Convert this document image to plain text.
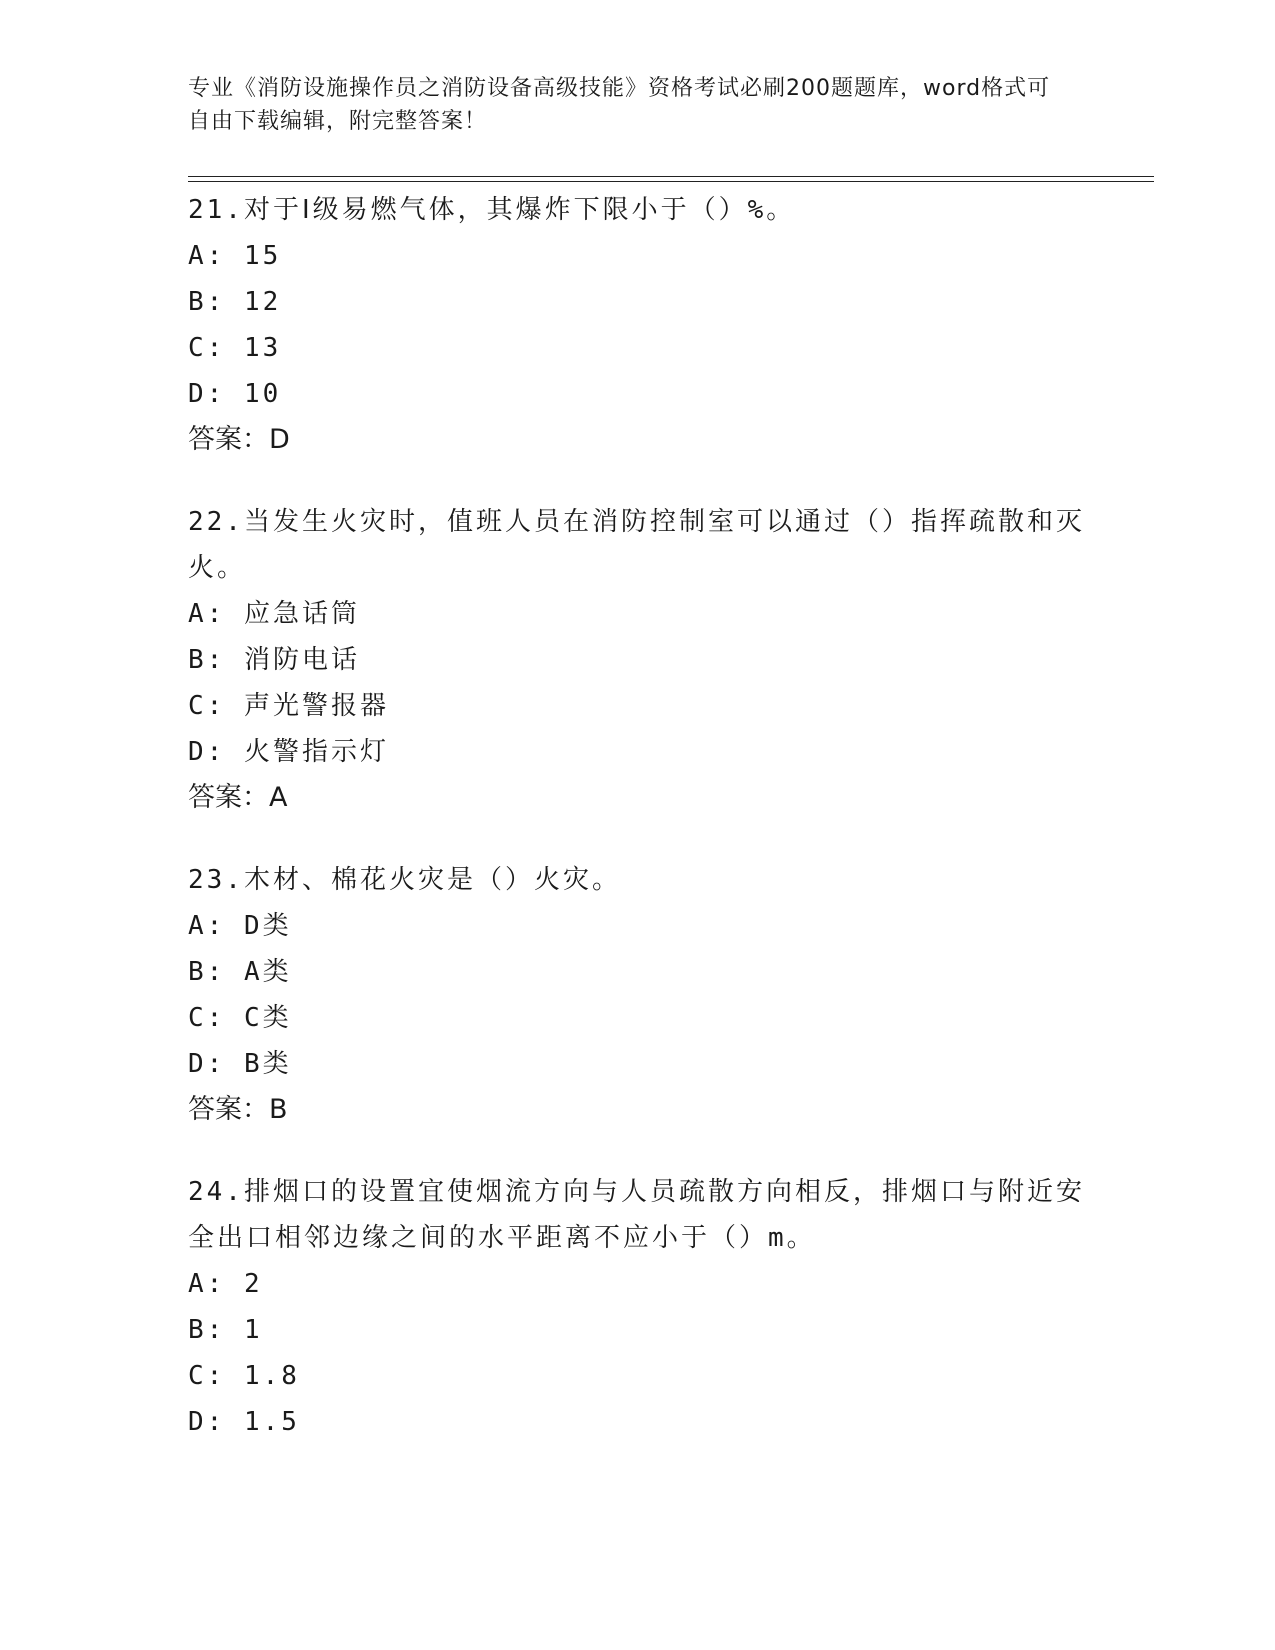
专业《消防设施操作员之消防设备高级技能》资格考试必刷200题题库，word格式可自由下载编辑，附完整答案！

21.对于Ⅰ级易燃气体，其爆炸下限小于（）%。

A: 15

B: 12

C: 13

D: 10

答案：D

22.当发生火灾时，值班人员在消防控制室可以通过（）指挥疏散和灭火。

A: 应急话筒

B: 消防电话

C: 声光警报器

D: 火警指示灯

答案：A

23.木材、棉花火灾是（）火灾。

A: D类

B: A类

C: C类

D: B类

答案：B

24.排烟口的设置宜使烟流方向与人员疏散方向相反，排烟口与附近安全出口相邻边缘之间的水平距离不应小于（）m。

A: 2

B: 1

C: 1.8

D: 1.5
